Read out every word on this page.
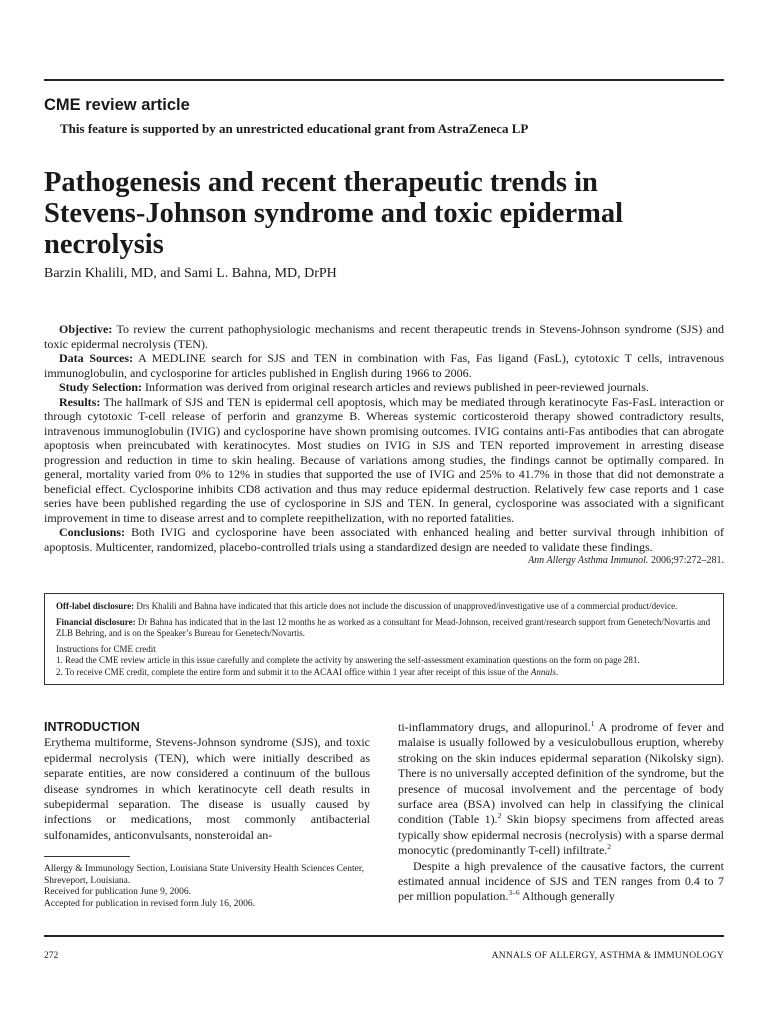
CME review article

This feature is supported by an unrestricted educational grant from AstraZeneca LP

Pathogenesis and recent therapeutic trends in
Stevens-Johnson syndrome and toxic epidermal
necrolysis

Barzin Khalili, MD, and Sami L. Bahna, MD, DrPH

Objective: To review the current pathophysiologic mechanisms and recent therapeutic trends in Stevens-Johnson syndrome (SJS) and toxic epidermal necrolysis (TEN).

Data Sources: A MEDLINE search for SJS and TEN in combination with Fas, Fas ligand (FasL), cytotoxic T cells, intravenous immunoglobulin, and cyclosporine for articles published in English during 1966 to 2006.

Study Selection: Information was derived from original research articles and reviews published in peer-reviewed journals.

Results: The hallmark of SJS and TEN is epidermal cell apoptosis, which may be mediated through keratinocyte Fas-FasL interaction or through cytotoxic T-cell release of perforin and granzyme B. Whereas systemic corticosteroid therapy showed contradictory results, intravenous immunoglobulin (IVIG) and cyclosporine have shown promising outcomes. IVIG contains anti-Fas antibodies that can abrogate apoptosis when preincubated with keratinocytes. Most studies on IVIG in SJS and TEN reported improvement in arresting disease progression and reduction in time to skin healing. Because of variations among studies, the findings cannot be optimally compared. In general, mortality varied from 0% to 12% in studies that supported the use of IVIG and 25% to 41.7% in those that did not demonstrate a beneficial effect. Cyclosporine inhibits CD8 activation and thus may reduce epidermal destruction. Relatively few case reports and 1 case series have been published regarding the use of cyclosporine in SJS and TEN. In general, cyclosporine was associated with a significant improvement in time to disease arrest and to complete reepithelization, with no reported fatalities.

Conclusions: Both IVIG and cyclosporine have been associated with enhanced healing and better survival through inhibition of apoptosis. Multicenter, randomized, placebo-controlled trials using a standardized design are needed to validate these findings.

Ann Allergy Asthma Immunol. 2006;97:272–281.

Off-label disclosure: Drs Khalili and Bahna have indicated that this article does not include the discussion of unapproved/investigative use of a commercial product/device.

Financial disclosure: Dr Bahna has indicated that in the last 12 months he as worked as a consultant for Mead-Johnson, received grant/research support from Genetech/Novartis and ZLB Behring, and is on the Speaker’s Bureau for Genetech/Novartis.

Instructions for CME credit
1. Read the CME review article in this issue carefully and complete the activity by answering the self-assessment examination questions on the form on page 281.
2. To receive CME credit, complete the entire form and submit it to the ACAAI office within 1 year after receipt of this issue of the Annals.
INTRODUCTION

Erythema multiforme, Stevens-Johnson syndrome (SJS), and toxic epidermal necrolysis (TEN), which were initially described as separate entities, are now considered a continuum of the bullous disease syndromes in which keratinocyte cell death results in subepidermal separation. The disease is usually caused by infections or medications, most commonly antibacterial sulfonamides, anticonvulsants, nonsteroidal an-

ti-inflammatory drugs, and allopurinol.$^1$ A prodrome of fever and malaise is usually followed by a vesiculobullous eruption, whereby stroking on the skin induces epidermal separation (Nikolsky sign). There is no universally accepted definition of the syndrome, but the presence of mucosal involvement and the percentage of body surface area (BSA) involved can help in classifying the clinical condition (Table 1).$^2$ Skin biopsy specimens from affected areas typically show epidermal necrosis (necrolysis) with a sparse dermal monocytic (predominantly T-cell) infiltrate.$^2$

Despite a high prevalence of the causative factors, the current estimated annual incidence of SJS and TEN ranges from 0.4 to 7 per million population.$^{3-6}$ Although generally

Allergy & Immunology Section, Louisiana State University Health Sciences Center, Shreveport, Louisiana.

Received for publication June 9, 2006.

Accepted for publication in revised form July 16, 2006.

272	ANNALS OF ALLERGY, ASTHMA & IMMUNOLOGY
